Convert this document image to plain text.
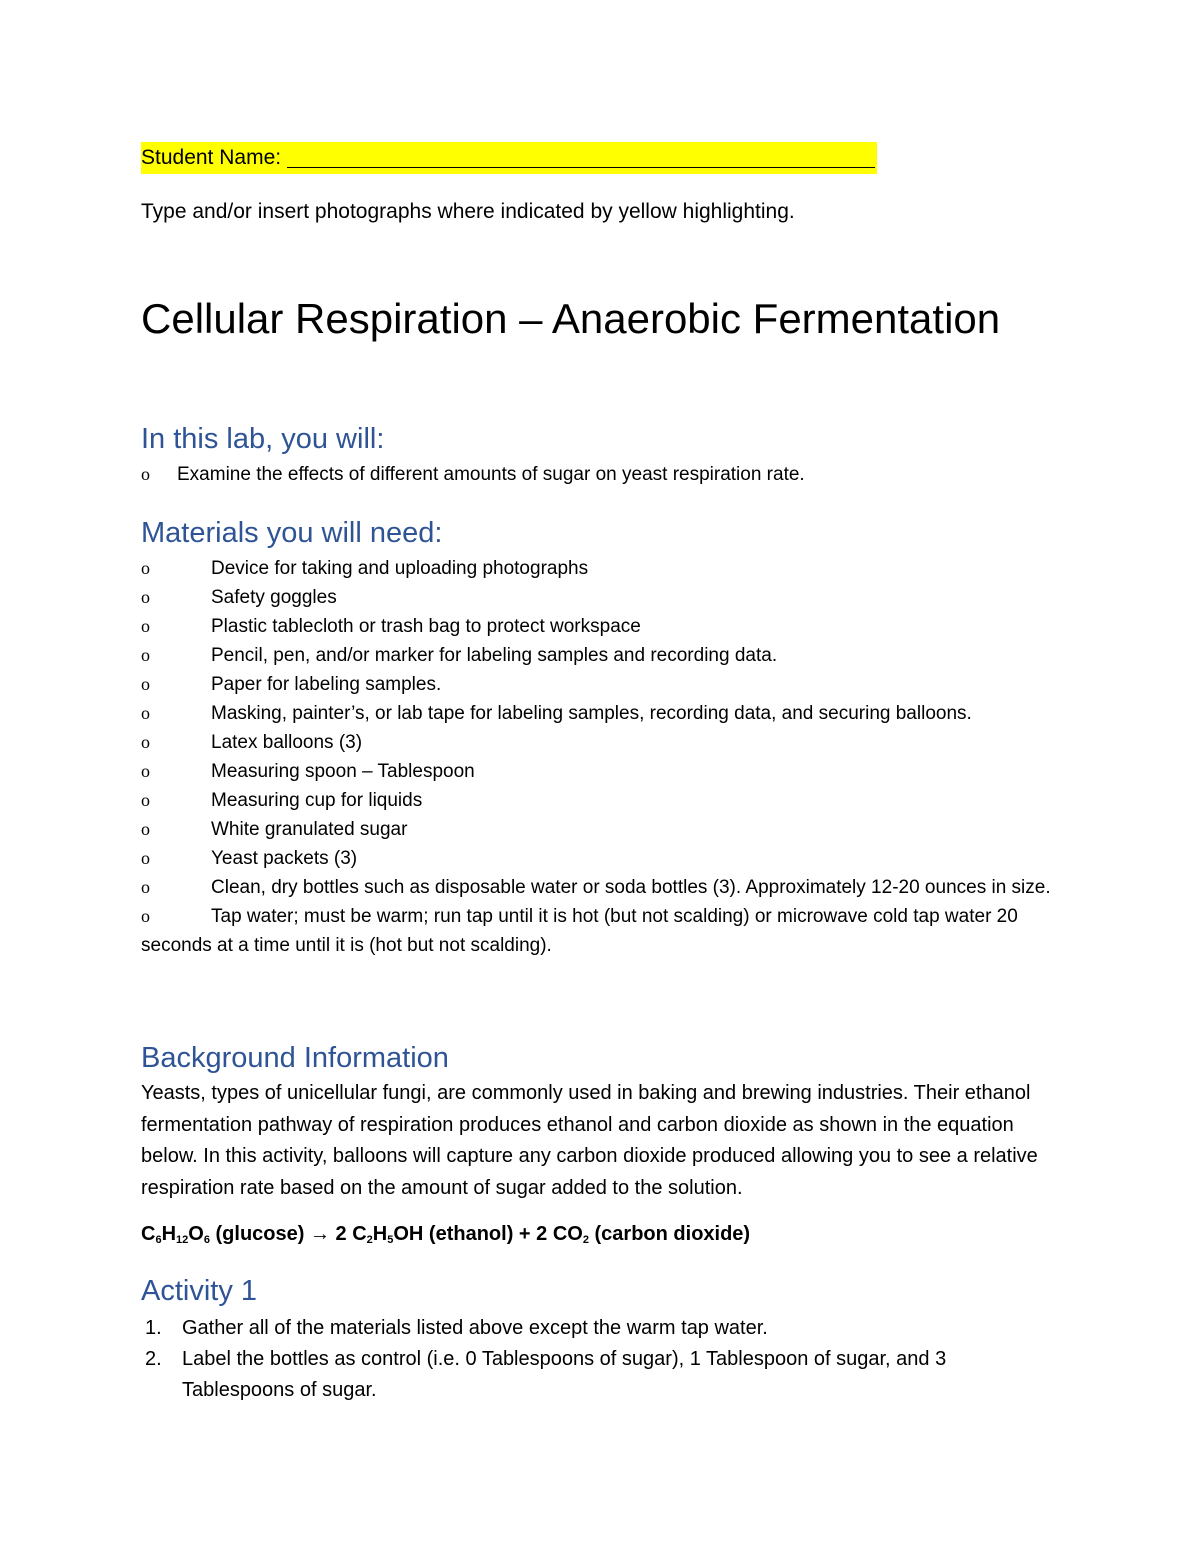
Student Name:
Type and/or insert photographs where indicated by yellow highlighting.
Cellular Respiration – Anaerobic Fermentation
In this lab, you will:
o Examine the effects of different amounts of sugar on yeast respiration rate.
Materials you will need:
o	Device for taking and uploading photographs
o	Safety goggles
o	Plastic tablecloth or trash bag to protect workspace
o	Pencil, pen, and/or marker for labeling samples and recording data.
o	Paper for labeling samples.
o	Masking, painter’s, or lab tape for labeling samples, recording data, and securing balloons.
o	Latex balloons (3)
o	Measuring spoon – Tablespoon
o	Measuring cup for liquids
o	White granulated sugar
o	Yeast packets (3)
o	Clean, dry bottles such as disposable water or soda bottles (3). Approximately 12-20 ounces in size.
o	Tap water; must be warm; run tap until it is hot (but not scalding) or microwave cold tap water 20 seconds at a time until it is (hot but not scalding).
Background Information

Yeasts, types of unicellular fungi, are commonly used in baking and brewing industries. Their ethanol fermentation pathway of respiration produces ethanol and carbon dioxide as shown in the equation below. In this activity, balloons will capture any carbon dioxide produced allowing you to see a relative respiration rate based on the amount of sugar added to the solution.

$C_6H_{12}O_6$ (glucose) → 2 $C_2H_5OH$ (ethanol) + 2 $CO_2$ (carbon dioxide)
Activity 1
1. Gather all of the materials listed above except the warm tap water.
2. Label the bottles as control (i.e. 0 Tablespoons of sugar), 1 Tablespoon of sugar, and 3 Tablespoons of sugar.
